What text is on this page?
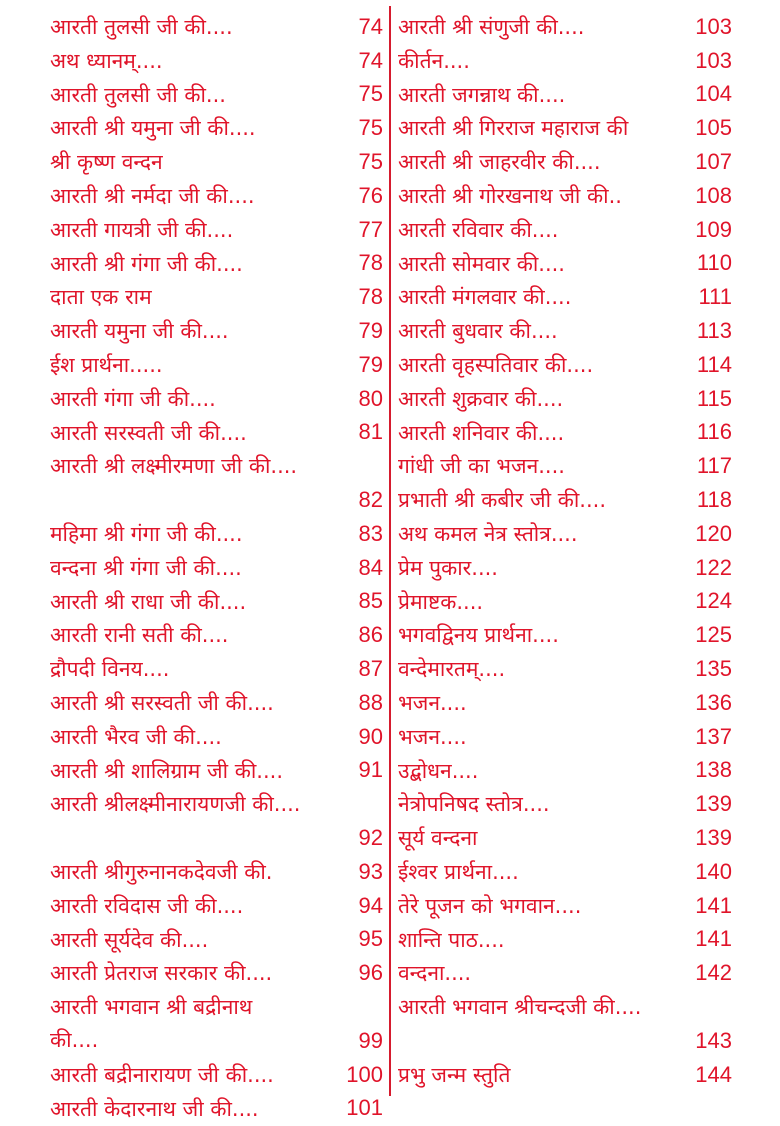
आरती तुलसी जी की....	74
अथ ध्यानम्....	74
आरती तुलसी जी की...	75
आरती श्री यमुना जी की....	75
श्री कृष्ण वन्दन	75
आरती श्री नर्मदा जी की....	76
आरती गायत्री जी की....	77
आरती श्री गंगा जी की....	78
दाता एक राम	78
आरती यमुना जी की....	79
ईश प्रार्थना.....	79
आरती गंगा जी की....	80
आरती सरस्वती जी की....	81
आरती श्री लक्ष्मीरमणा जी की....
82
महिमा श्री गंगा जी की....	83
वन्दना श्री गंगा जी की....	84
आरती श्री राधा जी की....	85
आरती रानी सती की....	86
द्रौपदी विनय....	87
आरती श्री सरस्वती जी की....	88
आरती भैरव जी की....	90
आरती श्री शालिग्राम जी की....	91
आरती श्रीलक्ष्मीनारायणजी की....
92
आरती श्रीगुरुनानकदेवजी की.	93
आरती रविदास जी की....	94
आरती सूर्यदेव की....	95
आरती प्रेतराज सरकार की....	96
आरती भगवान श्री बद्रीनाथ की....	99
आरती बद्रीनारायण जी की....	100
आरती केदारनाथ जी की....	101
आरती श्री संणुजी की....	103
कीर्तन....	103
आरती जगन्नाथ की....	104
आरती श्री गिरराज महाराज की	105
आरती श्री जाहरवीर की....	107
आरती श्री गोरखनाथ जी की..	108
आरती रविवार की....	109
आरती सोमवार की....	110
आरती मंगलवार की....	111
आरती बुधवार की....	113
आरती वृहस्पतिवार की....	114
आरती शुक्रवार की....	115
आरती शनिवार की....	116
गांधी जी का भजन....	117
प्रभाती श्री कबीर जी की....	118
अथ कमल नेत्र स्तोत्र....	120
प्रेम पुकार....	122
प्रेमाष्टक....	124
भगवद्विनय प्रार्थना....	125
वन्देमारतम्....	135
भजन....	136
भजन....	137
उद्बोधन....	138
नेत्रोपनिषद स्तोत्र....	139
सूर्य वन्दना	139
ईश्वर प्रार्थना....	140
तेरे पूजन को भगवान....	141
शान्ति पाठ....	141
वन्दना....	142
आरती भगवान श्रीचन्दजी की....
143
प्रभु जन्म स्तुति	144
